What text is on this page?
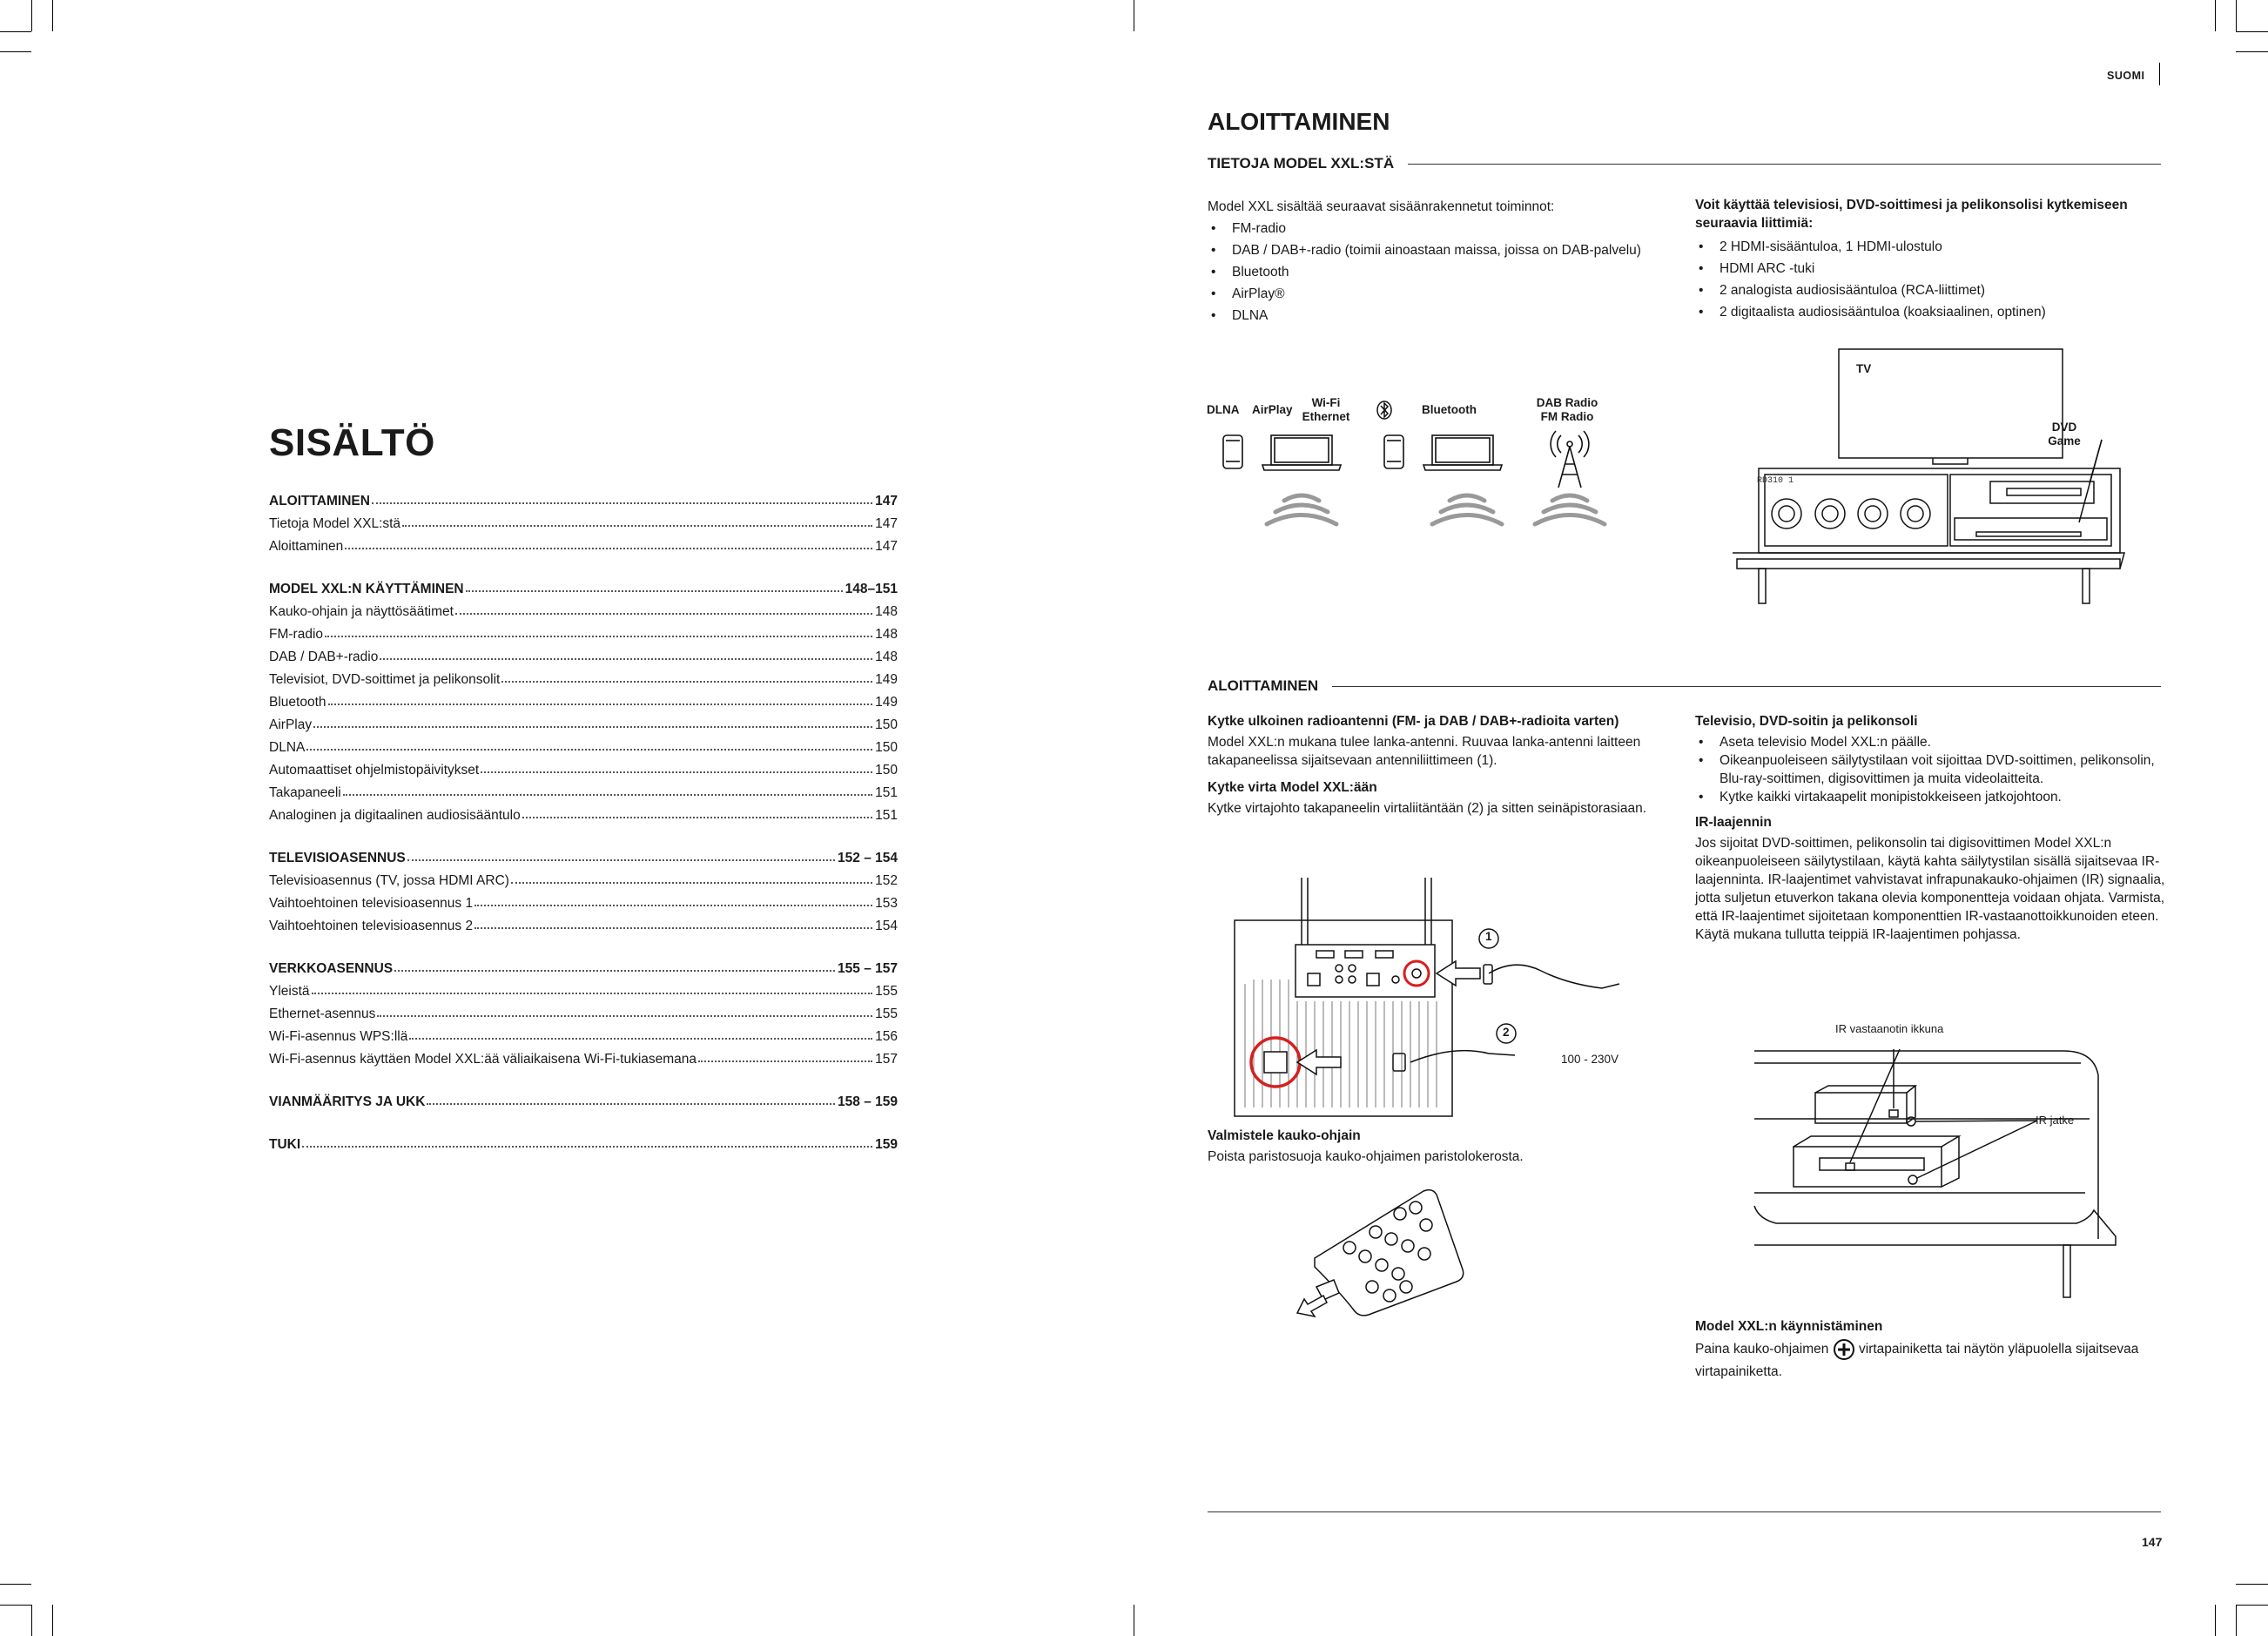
SISÄLTÖ
ALOITTAMINEN	147
Tietoja Model XXL:stä	147
Aloittaminen	147
MODEL XXL:N KÄYTTÄMINEN	148–151
Kauko-ohjain ja näyttösäätimet	148
FM-radio	148
DAB / DAB+-radio	148
Televisiot, DVD-soittimet ja pelikonsolit	149
Bluetooth	149
AirPlay	150
DLNA	150
Automaattiset ohjelmistopäivitykset	150
Takapaneeli	151
Analoginen ja digitaalinen audiosisääntulo	151
TELEVISIOASENNUS	152 – 154
Televisioasennus (TV, jossa HDMI ARC)	152
Vaihtoehtoinen televisioasennus 1	153
Vaihtoehtoinen televisioasennus 2	154
VERKKOASENNUS	155 – 157
Yleistä	155
Ethernet-asennus	155
Wi-Fi-asennus WPS:llä	156
Wi-Fi-asennus käyttäen Model XXL:ää väliaikaisena Wi-Fi-tukiasemana	157
VIANMÄÄRITYS JA UKK	158 – 159
TUKI	159
SUOMI
ALOITTAMINEN
TIETOJA MODEL XXL:STÄ

Model XXL sisältää seuraavat sisäänrakennetut toiminnot:

• FM-radio
• DAB / DAB+-radio (toimii ainoastaan maissa, joissa on DAB-palvelu)
• Bluetooth
• AirPlay®
• DLNA

Voit käyttää televisiosi, DVD-soittimesi ja pelikonsolisi kytkemiseen seuraavia liittimiä:

• 2 HDMI-sisääntuloa, 1 HDMI-ulostulo
• HDMI ARC -tuki
• 2 analogista audiosisääntuloa (RCA-liittimet)
• 2 digitaalista audiosisääntuloa (koaksiaalinen, optinen)
DLNA AirPlay
Wi-Fi
Ethernet
Bluetooth
DAB Radio
FM Radio
RD310 1
TV
DVD
Game
ALOITTAMINEN

Kytke ulkoinen radioantenni (FM- ja DAB / DAB+-radioita varten)

Model XXL:n mukana tulee lanka-antenni. Ruuvaa lanka-antenni laitteen takapaneelissa sijaitsevaan antenniliittimeen (1).

Kytke virta Model XXL:ään

Kytke virtajohto takapaneelin virtaliitäntään (2) ja sitten seinäpistorasiaan.

1
2
100 - 230V

Valmistele kauko-ohjain

Poista paristosuoja kauko-ohjaimen paristolokerosta.

Televisio, DVD-soitin ja pelikonsoli

• Aseta televisio Model XXL:n päälle.
• Oikeanpuoleiseen säilytystilaan voit sijoittaa DVD-soittimen, pelikonsolin, Blu-ray-soittimen, digisovittimen ja muita videolaitteita.
• Kytke kaikki virtakaapelit monipistokkeiseen jatkojohtoon.

IR-laajennin

Jos sijoitat DVD-soittimen, pelikonsolin tai digisovittimen Model XXL:n oikeanpuoleiseen säilytystilaan, käytä kahta säilytystilan sisällä sijaitsevaa IR-laajenninta. IR-laajentimet vahvistavat infrapunakauko-ohjaimen (IR) signaalia, jotta suljetun etuverkon takana olevia komponentteja voidaan ohjata. Varmista, että IR-laajentimet sijoitetaan komponenttien IR-vastaanottoikkunoiden eteen. Käytä mukana tullutta teippiä IR-laajentimen pohjassa.

IR vastaanotin ikkuna
IR jatke

Model XXL:n käynnistäminen

Paina kauko-ohjaimen virtapainiketta tai näytön yläpuolella sijaitsevaa virtapainiketta.

147
